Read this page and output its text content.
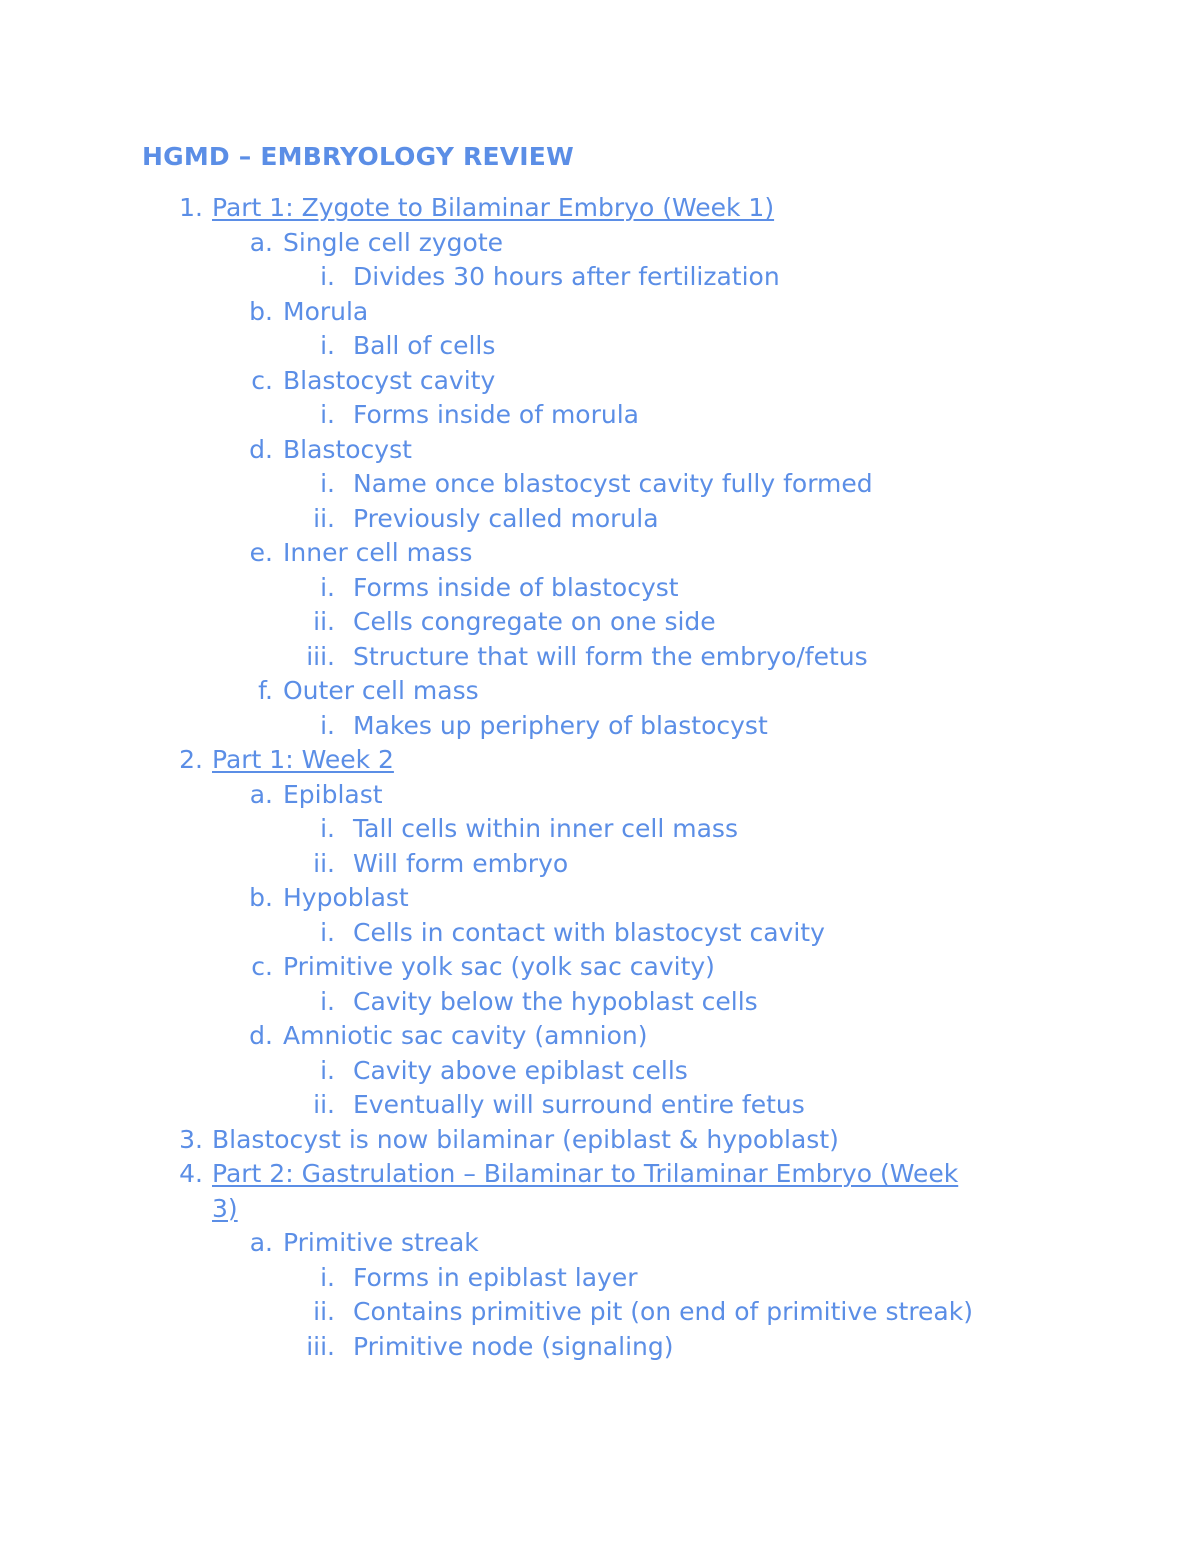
HGMD – EMBRYOLOGY REVIEW
1. Part 1: Zygote to Bilaminar Embryo (Week 1)
a. Single cell zygote
i. Divides 30 hours after fertilization
b. Morula
i. Ball of cells
c. Blastocyst cavity
i. Forms inside of morula
d. Blastocyst
i. Name once blastocyst cavity fully formed
ii. Previously called morula
e. Inner cell mass
i. Forms inside of blastocyst
ii. Cells congregate on one side
iii. Structure that will form the embryo/fetus
f. Outer cell mass
i. Makes up periphery of blastocyst
2. Part 1: Week 2
a. Epiblast
i. Tall cells within inner cell mass
ii. Will form embryo
b. Hypoblast
i. Cells in contact with blastocyst cavity
c. Primitive yolk sac (yolk sac cavity)
i. Cavity below the hypoblast cells
d. Amniotic sac cavity (amnion)
i. Cavity above epiblast cells
ii. Eventually will surround entire fetus
3. Blastocyst is now bilaminar (epiblast & hypoblast)
4. Part 2: Gastrulation – Bilaminar to Trilaminar Embryo (Week
3)
a. Primitive streak
i. Forms in epiblast layer
ii. Contains primitive pit (on end of primitive streak)
iii. Primitive node (signaling)
